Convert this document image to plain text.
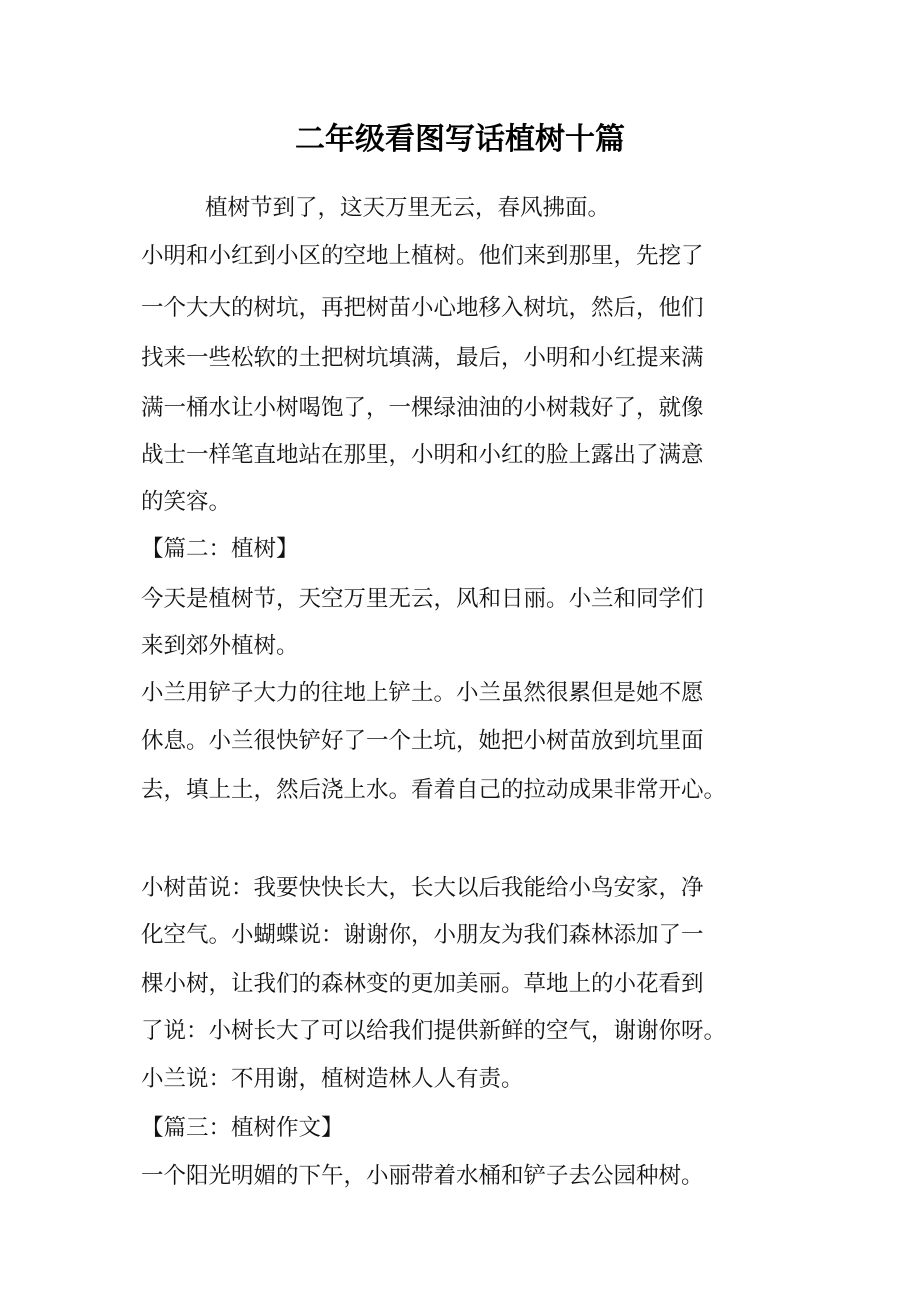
二年级看图写话植树十篇

植树节到了，这天万里无云，春风拂面。

小明和小红到小区的空地上植树。他们来到那里，先挖了

一个大大的树坑，再把树苗小心地移入树坑，然后，他们

找来一些松软的土把树坑填满，最后，小明和小红提来满

满一桶水让小树喝饱了，一棵绿油油的小树栽好了，就像

战士一样笔直地站在那里，小明和小红的脸上露出了满意

的笑容。

【篇二：植树】

今天是植树节，天空万里无云，风和日丽。小兰和同学们

来到郊外植树。

小兰用铲子大力的往地上铲土。小兰虽然很累但是她不愿

休息。小兰很快铲好了一个土坑，她把小树苗放到坑里面

去，填上土，然后浇上水。看着自己的拉动成果非常开心。

小树苗说：我要快快长大，长大以后我能给小鸟安家，净

化空气。小蝴蝶说：谢谢你，小朋友为我们森林添加了一

棵小树，让我们的森林变的更加美丽。草地上的小花看到

了说：小树长大了可以给我们提供新鲜的空气，谢谢你呀。

小兰说：不用谢，植树造林人人有责。

【篇三：植树作文】

一个阳光明媚的下午，小丽带着水桶和铲子去公园种树。
